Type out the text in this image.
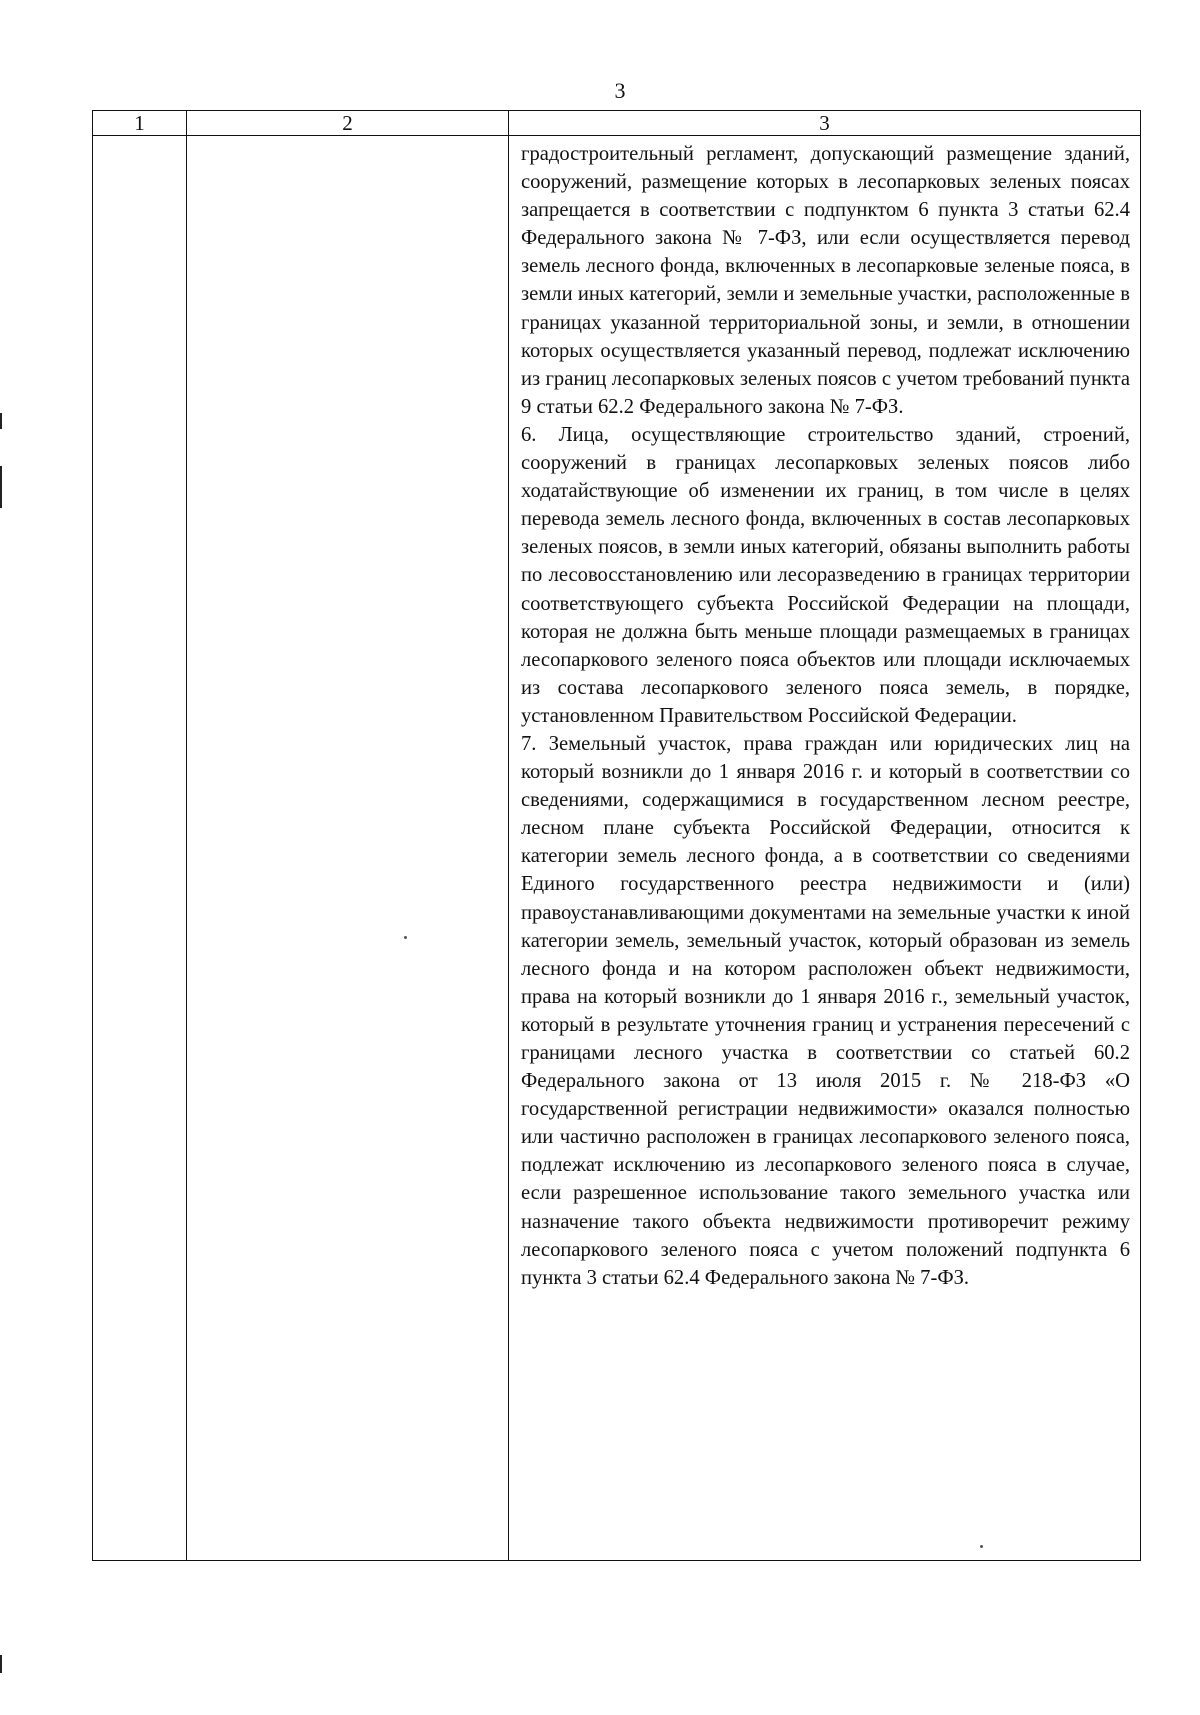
3
1	2	3

		градостроительный регламент, допускающий размещение зданий, сооружений, размещение которых в лесопарковых зеленых поясах запрещается в соответствии с подпунктом 6 пункта 3 статьи 62.4 Федерального закона № 7-ФЗ, или если осуществляется перевод земель лесного фонда, включенных в лесопарковые зеленые пояса, в земли иных категорий, земли и земельные участки, расположенные в границах указанной территориальной зоны, и земли, в отношении которых осуществляется указанный перевод, подлежат исключению из границ лесопарковых зеленых поясов с учетом требований пункта 9 статьи 62.2 Федерального закона № 7-ФЗ.

6. Лица, осуществляющие строительство зданий, строений, сооружений в границах лесопарковых зеленых поясов либо ходатайствующие об изменении их границ, в том числе в целях перевода земель лесного фонда, включенных в состав лесопарковых зеленых поясов, в земли иных категорий, обязаны выполнить работы по лесовосстановлению или лесоразведению в границах территории соответствующего субъекта Российской Федерации на площади, которая не должна быть меньше площади размещаемых в границах лесопаркового зеленого пояса объектов или площади исключаемых из состава лесопаркового зеленого пояса земель, в порядке, установленном Правительством Российской Федерации.

7. Земельный участок, права граждан или юридических лиц на который возникли до 1 января 2016 г. и который в соответствии со сведениями, содержащимися в государственном лесном реестре, лесном плане субъекта Российской Федерации, относится к категории земель лесного фонда, а в соответствии со сведениями Единого государственного реестра недвижимости и (или) правоустанавливающими документами на земельные участки к иной категории земель, земельный участок, который образован из земель лесного фонда и на котором расположен объект недвижимости, права на который возникли до 1 января 2016 г., земельный участок, который в результате уточнения границ и устранения пересечений с границами лесного участка в соответствии со статьей 60.2 Федерального закона от 13 июля 2015 г. № 218-ФЗ «О государственной регистрации недвижимости» оказался полностью или частично расположен в границах лесопаркового зеленого пояса, подлежат исключению из лесопаркового зеленого пояса в случае, если разрешенное использование такого земельного участка или назначение такого объекта недвижимости противоречит режиму лесопаркового зеленого пояса с учетом положений подпункта 6 пункта 3 статьи 62.4 Федерального закона № 7-ФЗ.
